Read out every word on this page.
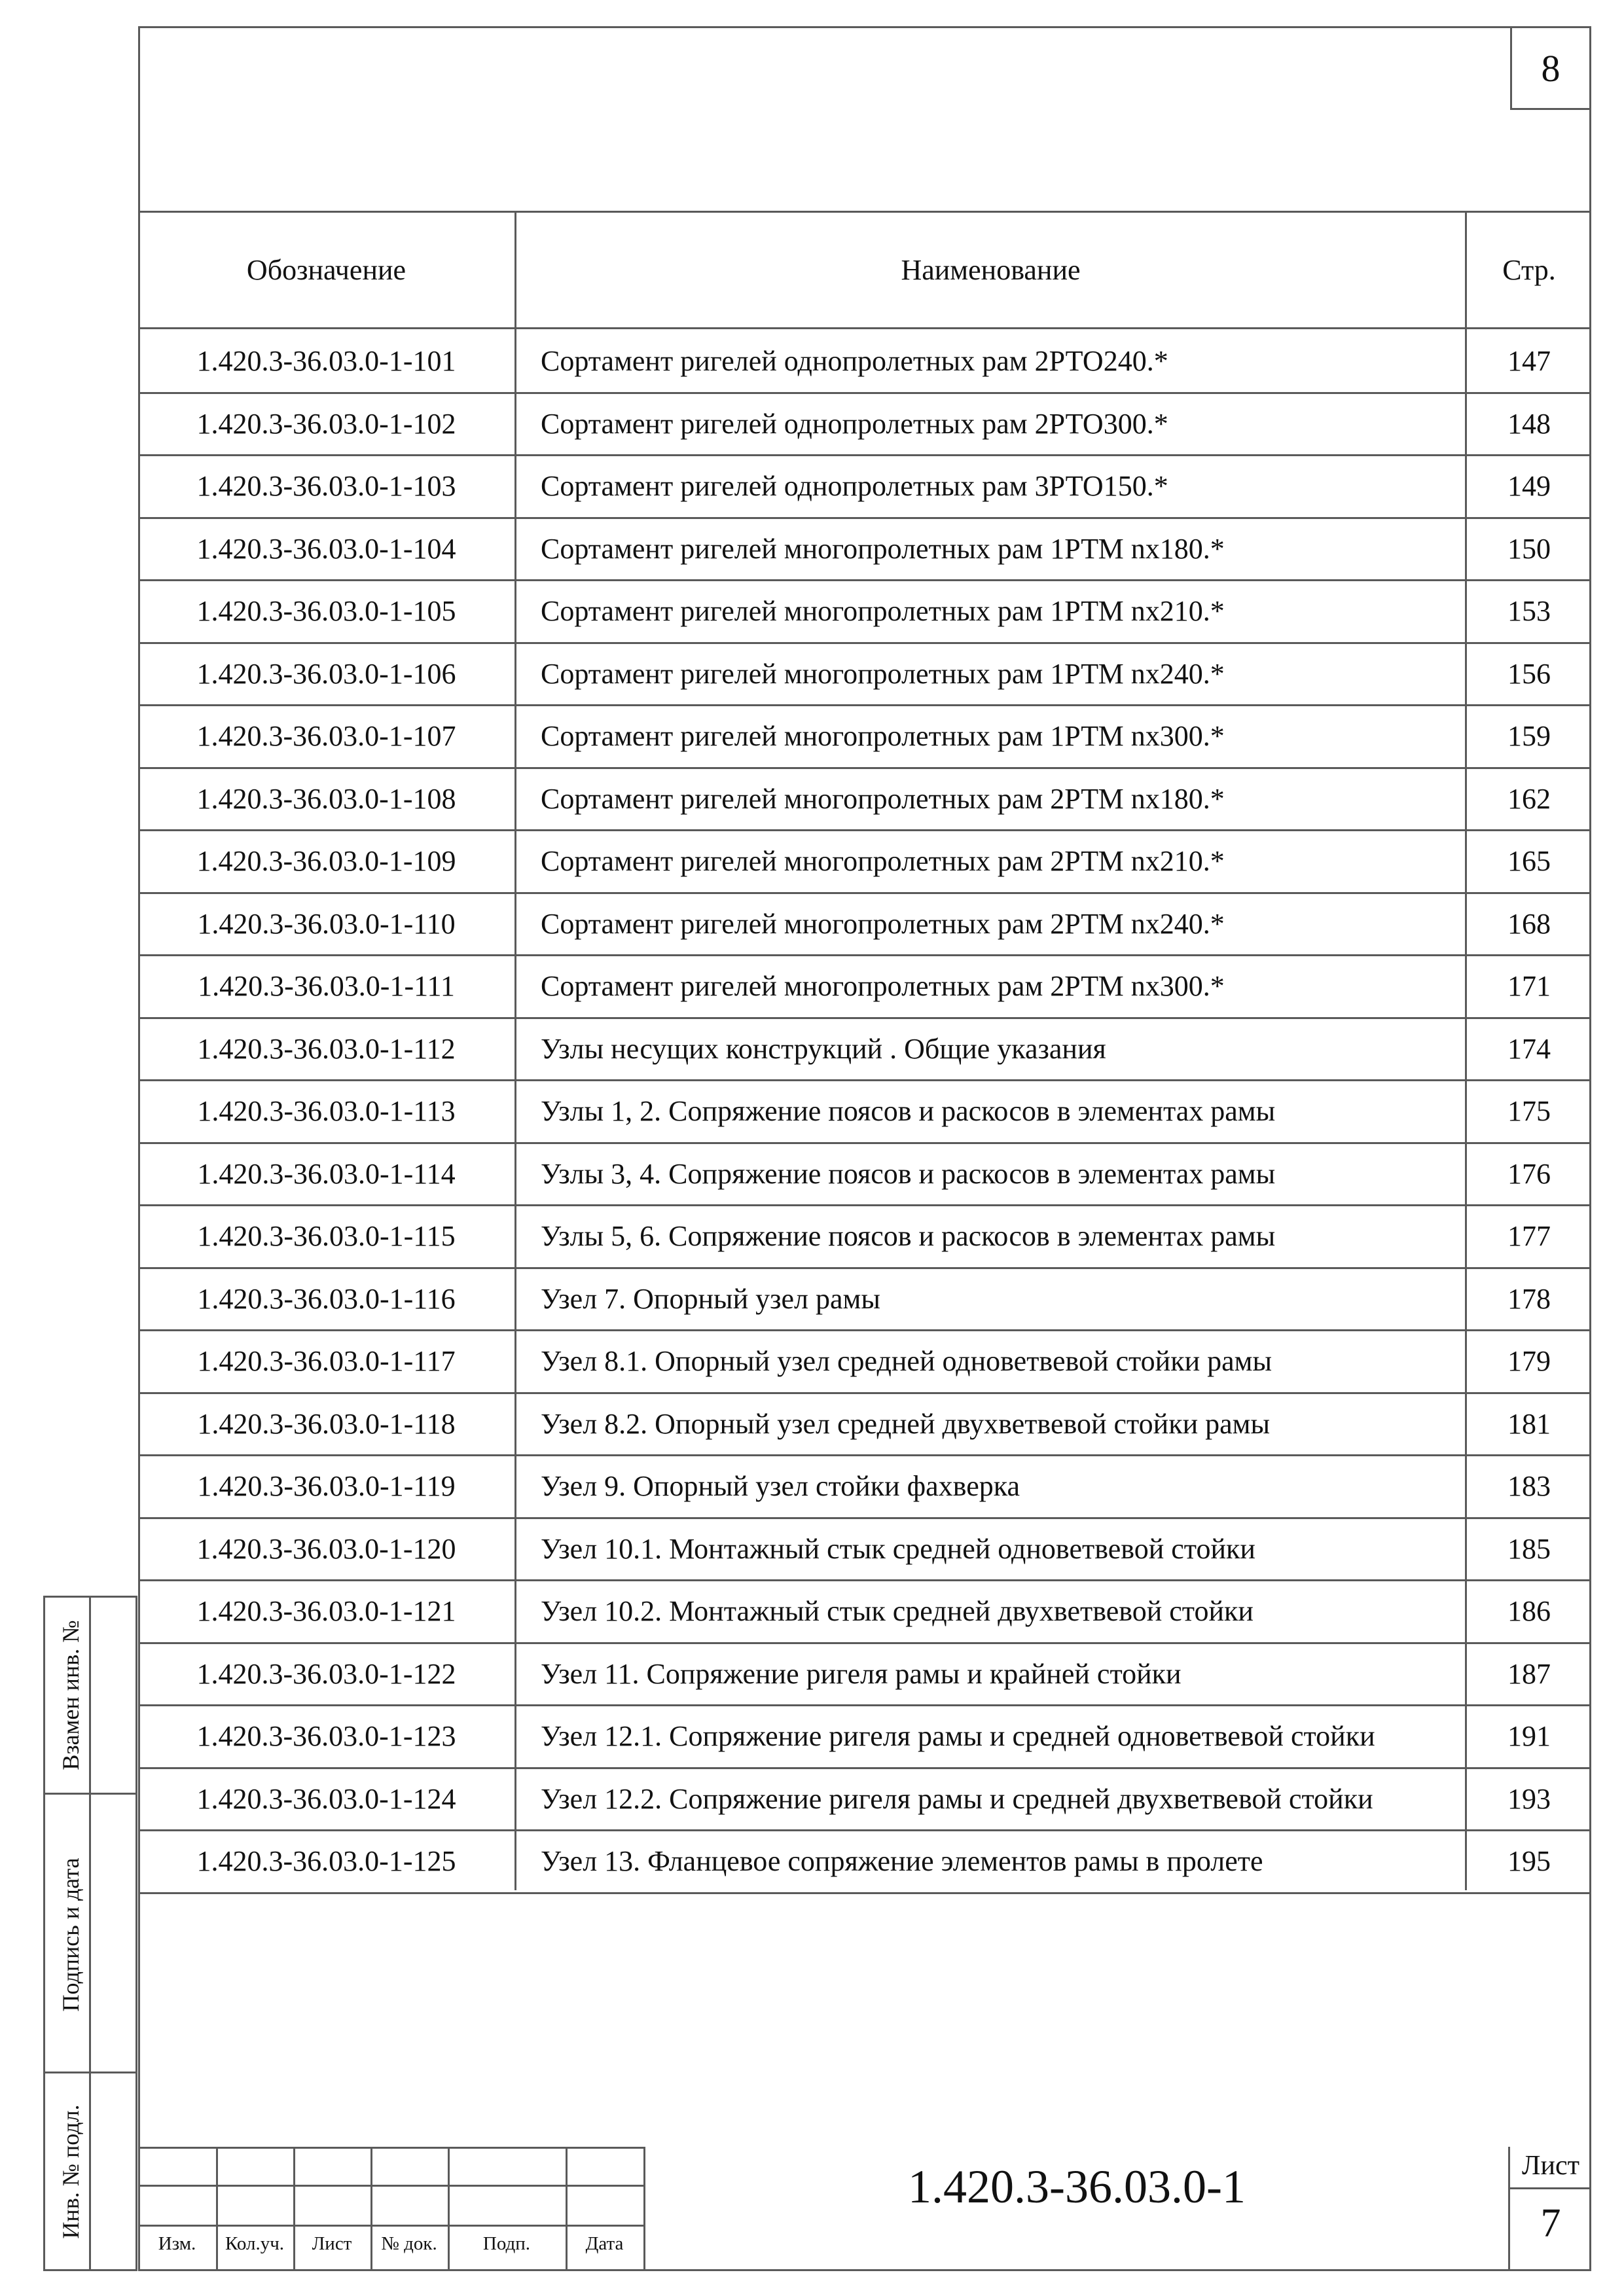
8
Обозначение	Наименование	Стр.
1.420.3-36.03.0-1-101	Сортамент ригелей однопролетных рам 2РТО240.*	147
1.420.3-36.03.0-1-102	Сортамент ригелей однопролетных рам 2РТО300.*	148
1.420.3-36.03.0-1-103	Сортамент ригелей однопролетных рам 3РТО150.*	149
1.420.3-36.03.0-1-104	Сортамент ригелей многопролетных рам 1РТМ nx180.*	150
1.420.3-36.03.0-1-105	Сортамент ригелей многопролетных рам 1РТМ nx210.*	153
1.420.3-36.03.0-1-106	Сортамент ригелей многопролетных рам 1РТМ nx240.*	156
1.420.3-36.03.0-1-107	Сортамент ригелей многопролетных рам 1РТМ nx300.*	159
1.420.3-36.03.0-1-108	Сортамент ригелей многопролетных рам 2РТМ nx180.*	162
1.420.3-36.03.0-1-109	Сортамент ригелей многопролетных рам 2РТМ nx210.*	165
1.420.3-36.03.0-1-110	Сортамент ригелей многопролетных рам 2РТМ nx240.*	168
1.420.3-36.03.0-1-111	Сортамент ригелей многопролетных рам 2РТМ nx300.*	171
1.420.3-36.03.0-1-112	Узлы несущих конструкций . Общие указания	174
1.420.3-36.03.0-1-113	Узлы 1, 2. Сопряжение поясов и раскосов в элементах рамы	175
1.420.3-36.03.0-1-114	Узлы 3, 4. Сопряжение поясов и раскосов в элементах рамы	176
1.420.3-36.03.0-1-115	Узлы 5, 6. Сопряжение поясов и раскосов в элементах рамы	177
1.420.3-36.03.0-1-116	Узел 7. Опорный узел рамы	178
1.420.3-36.03.0-1-117	Узел 8.1. Опорный узел средней одноветвевой стойки рамы	179
1.420.3-36.03.0-1-118	Узел 8.2. Опорный узел средней двухветвевой стойки рамы	181
1.420.3-36.03.0-1-119	Узел 9. Опорный узел стойки фахверка	183
1.420.3-36.03.0-1-120	Узел 10.1. Монтажный стык средней одноветвевой стойки	185
1.420.3-36.03.0-1-121	Узел 10.2. Монтажный стык средней двухветвевой стойки	186
1.420.3-36.03.0-1-122	Узел 11. Сопряжение ригеля рамы и крайней стойки	187
1.420.3-36.03.0-1-123	Узел 12.1. Сопряжение ригеля рамы и средней одноветвевой стойки	191
1.420.3-36.03.0-1-124	Узел 12.2. Сопряжение ригеля рамы и средней двухветвевой стойки	193
1.420.3-36.03.0-1-125	Узел 13. Фланцевое сопряжение элементов рамы в пролете	195
Взамен инв. №
Подпись и дата
Инв. № подл.
Изм.	Кол.уч.	Лист	№ док.	Подп.	Дата
1.420.3-36.03.0-1	Лист
7
